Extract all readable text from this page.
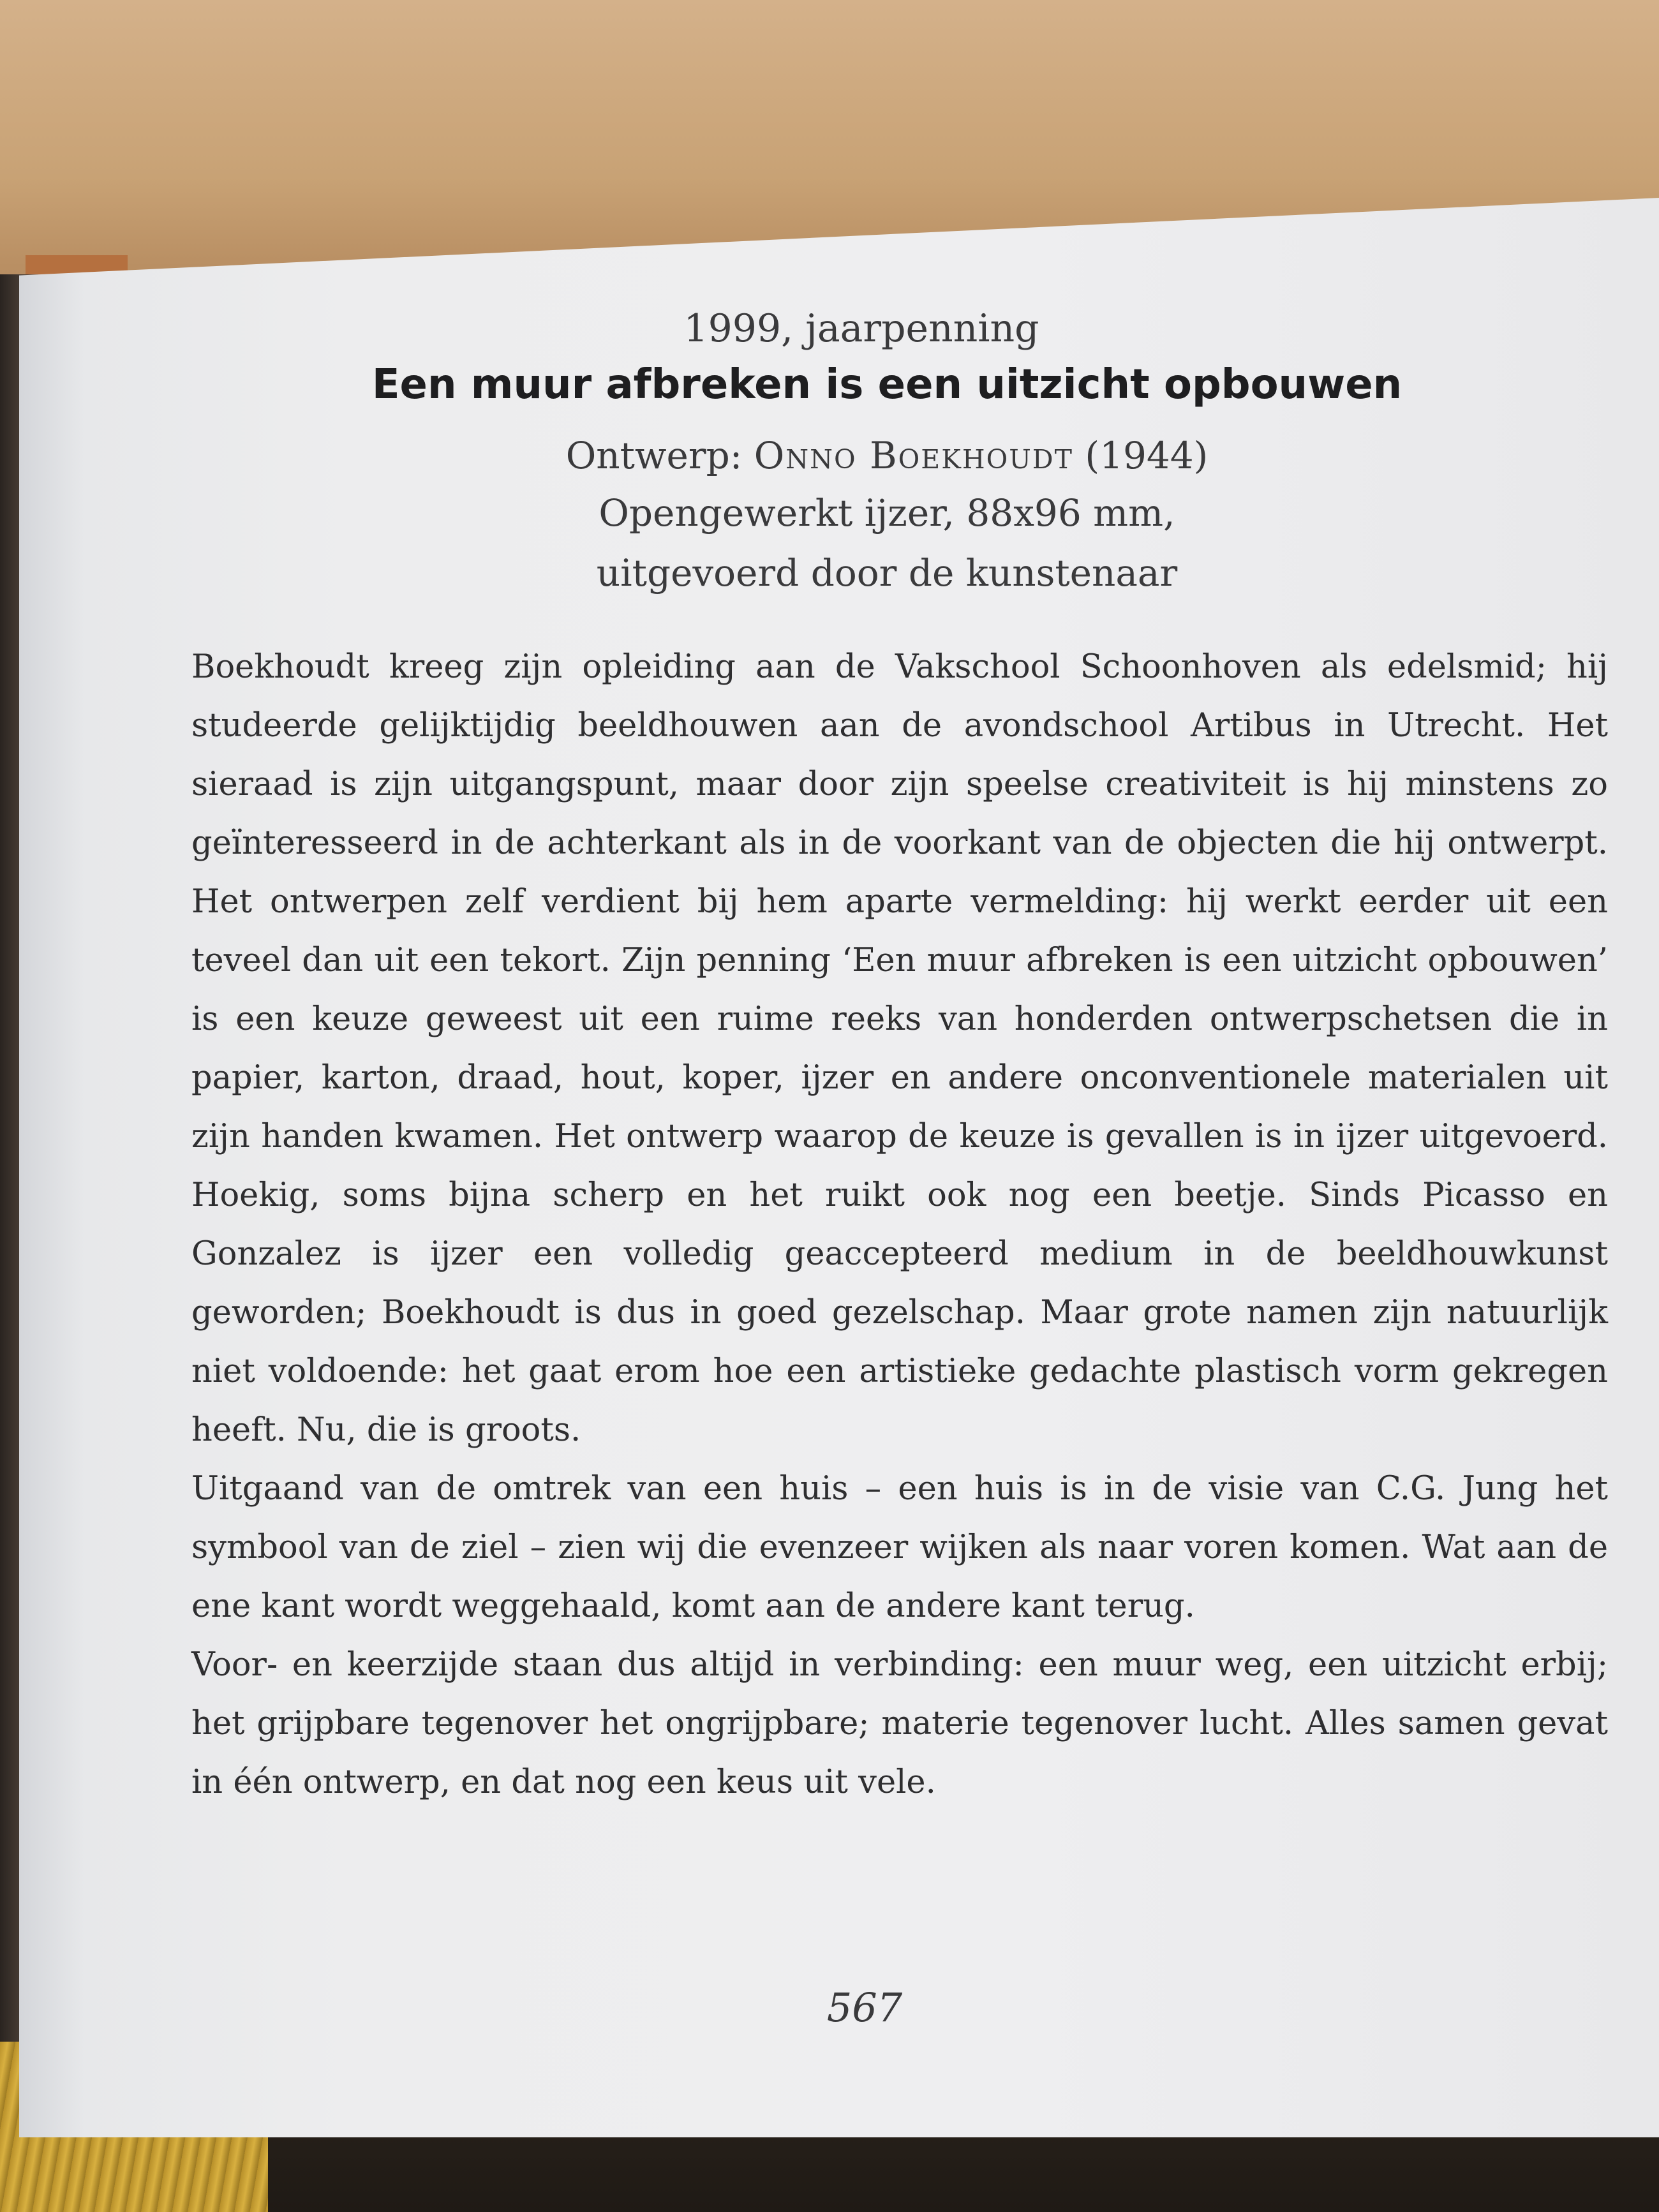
1999, jaarpenning
Een muur afbreken is een uitzicht opbouwen
Ontwerp: Onno Boekhoudt (1944)
Opengewerkt ijzer, 88x96 mm,
uitgevoerd door de kunstenaar

Boekhoudt kreeg zijn opleiding aan de Vakschool Schoonhoven als edelsmid; hij studeerde gelijktijdig beeldhouwen aan de avondschool Artibus in Utrecht. Het sieraad is zijn uitgangspunt, maar door zijn speelse creativiteit is hij minstens zo geïnteresseerd in de achterkant als in de voorkant van de objecten die hij ontwerpt. Het ontwerpen zelf verdient bij hem aparte vermelding: hij werkt eerder uit een teveel dan uit een tekort. Zijn penning ‘Een muur afbreken is een uitzicht opbouwen’ is een keuze geweest uit een ruime reeks van honderden ontwerpschetsen die in papier, karton, draad, hout, koper, ijzer en andere onconventionele materialen uit zijn handen kwamen. Het ontwerp waarop de keuze is gevallen is in ijzer uitgevoerd. Hoekig, soms bijna scherp en het ruikt ook nog een beetje. Sinds Picasso en Gonzalez is ijzer een volledig geaccepteerd medium in de beeldhouwkunst geworden; Boekhoudt is dus in goed gezelschap. Maar grote namen zijn natuurlijk niet voldoende: het gaat erom hoe een artistieke gedachte plastisch vorm gekregen heeft. Nu, die is groots.

Uitgaand van de omtrek van een huis – een huis is in de visie van C.G. Jung het symbool van de ziel – zien wij die evenzeer wijken als naar voren komen. Wat aan de ene kant wordt weggehaald, komt aan de andere kant terug.

Voor- en keerzijde staan dus altijd in verbinding: een muur weg, een uitzicht erbij; het grijpbare tegenover het ongrijpbare; materie tegenover lucht. Alles samen gevat in één ontwerp, en dat nog een keus uit vele.

567
